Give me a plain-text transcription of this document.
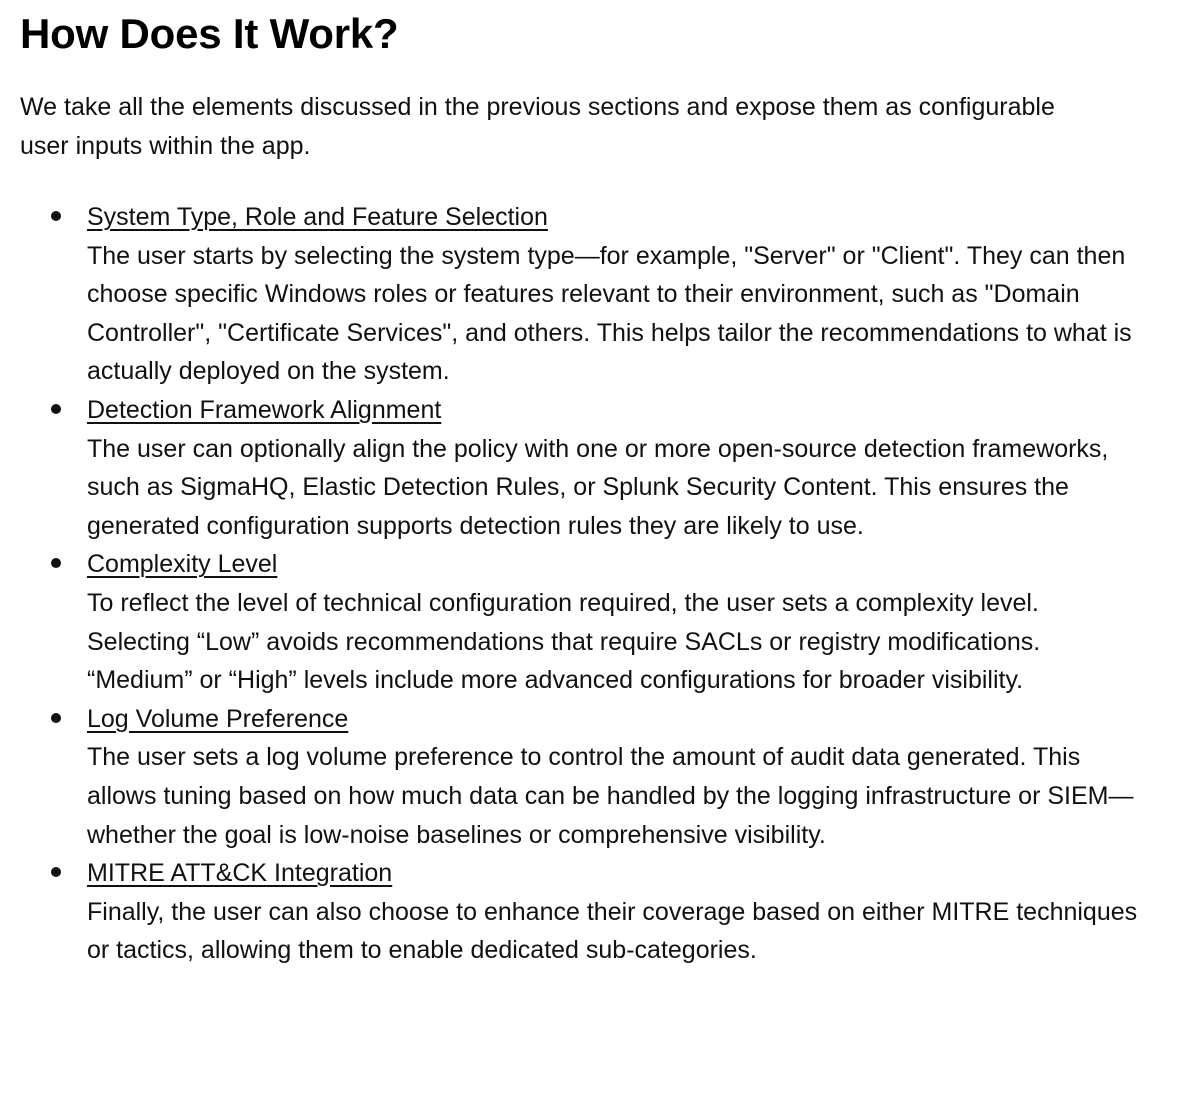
How Does It Work?

We take all the elements discussed in the previous sections and expose them as configurable user inputs within the app.

System Type, Role and Feature Selection
The user starts by selecting the system type—for example, "Server" or "Client". They can then choose specific Windows roles or features relevant to their environment, such as "Domain Controller", "Certificate Services", and others. This helps tailor the recommendations to what is actually deployed on the system.
Detection Framework Alignment
The user can optionally align the policy with one or more open-source detection frameworks, such as SigmaHQ, Elastic Detection Rules, or Splunk Security Content. This ensures the generated configuration supports detection rules they are likely to use.
Complexity Level
To reflect the level of technical configuration required, the user sets a complexity level. Selecting “Low” avoids recommendations that require SACLs or registry modifications. “Medium” or “High” levels include more advanced configurations for broader visibility.
Log Volume Preference
The user sets a log volume preference to control the amount of audit data generated. This allows tuning based on how much data can be handled by the logging infrastructure or SIEM—whether the goal is low-noise baselines or comprehensive visibility.
MITRE ATT&CK Integration
Finally, the user can also choose to enhance their coverage based on either MITRE techniques or tactics, allowing them to enable dedicated sub-categories.
